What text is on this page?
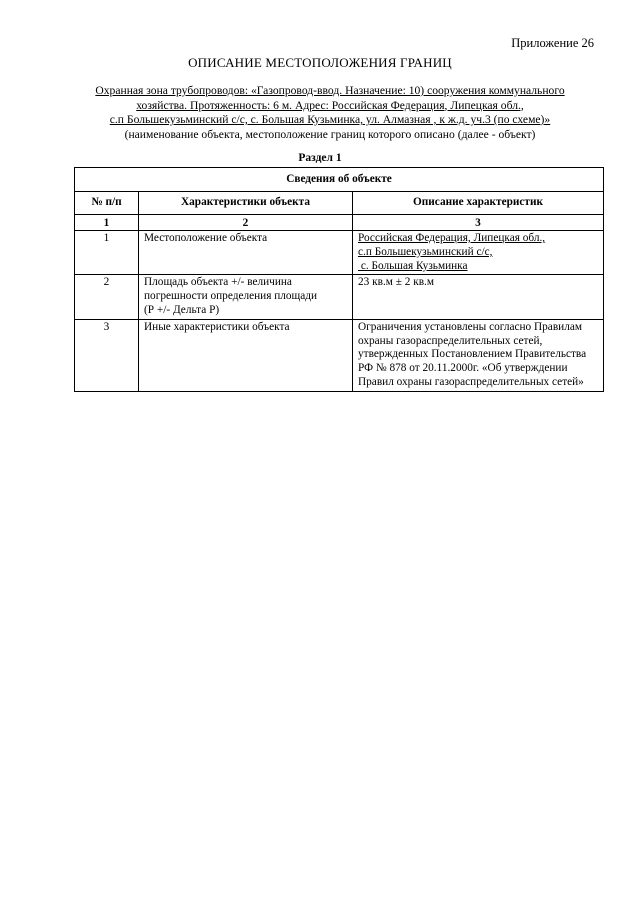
Приложение 26
ОПИСАНИЕ МЕСТОПОЛОЖЕНИЯ ГРАНИЦ
Охранная зона трубопроводов: «Газопровод-ввод. Назначение: 10) сооружения коммунального
хозяйства. Протяженность: 6 м. Адрес: Российская Федерация, Липецкая обл.,
с.п Большекузьминский с/с, с. Большая Кузьминка, ул. Алмазная , к ж.д. уч.3 (по схеме)»
(наименование объекта, местоположение границ которого описано (далее - объект)
Раздел 1
Сведения об объекте		
№ п/п	Характеристики объекта	Описание характеристик
1	2	3
1	Местоположение объекта	Российская Федерация, Липецкая обл.,
с.п Большекузьминский с/с,
с. Большая Кузьминка

2	Площадь объекта +/- величина
погрешности определения площади
(Р +/- Дельта Р)	23 кв.м ± 2 кв.м

3	Иные характеристики объекта	Ограничения установлены согласно Правилам
охраны газораспределительных сетей,
утвержденных Постановлением Правительства
РФ № 878 от 20.11.2000г. «Об утверждении
Правил охраны газораспределительных сетей»
